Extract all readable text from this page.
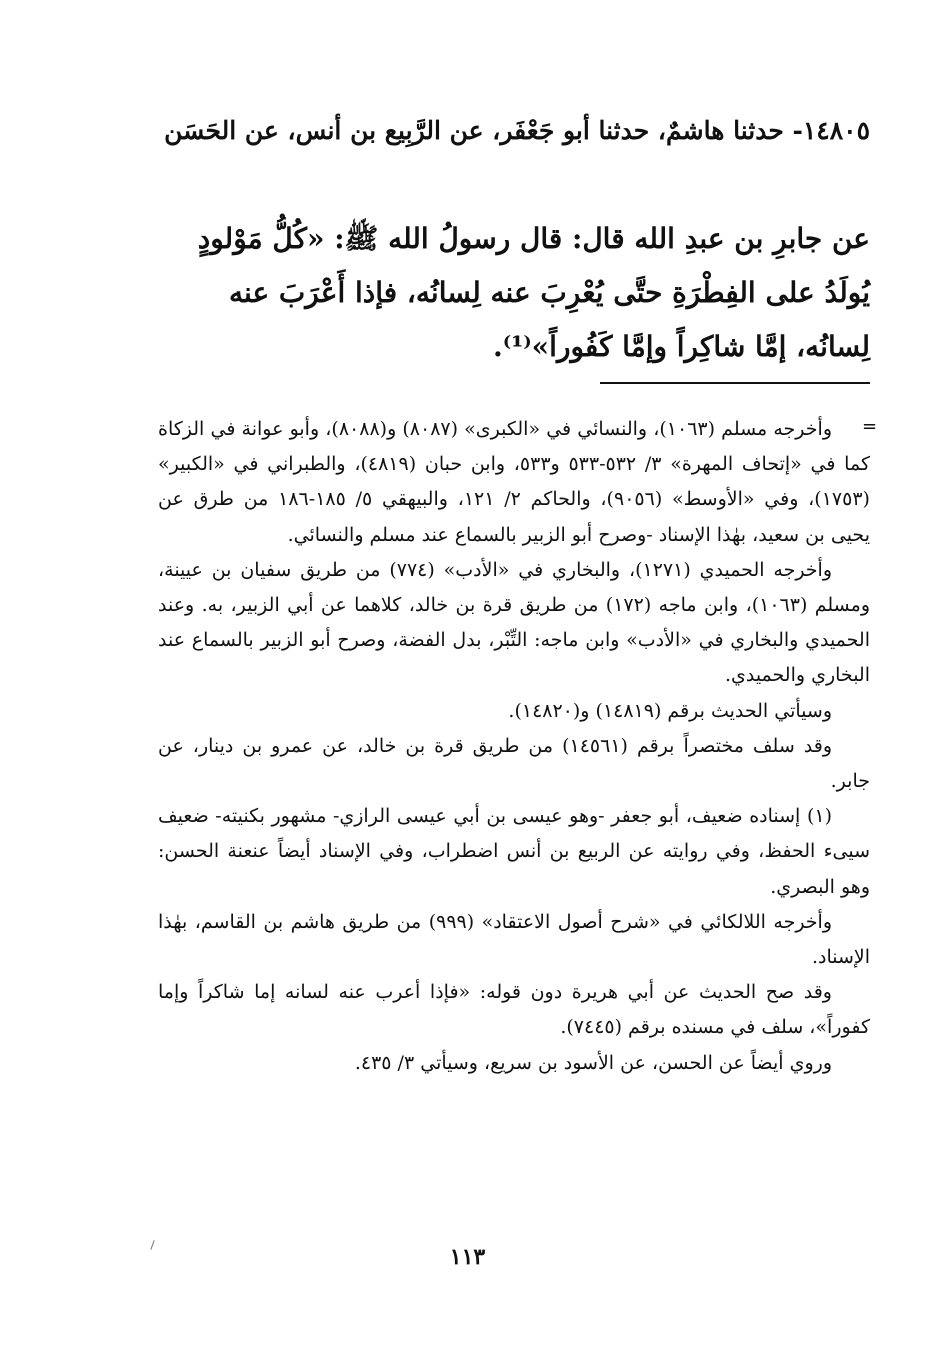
١٤٨٠٥- حدثنا هاشمٌ، حدثنا أبو جَعْفَر، عن الرَّبِيع بن أنس، عن الحَسَن
عن جابرِ بن عبدِ الله قال: قال رسولُ الله ﷺ: «كُلُّ مَوْلودٍ يُولَدُ على الفِطْرَةِ حتَّى يُعْرِبَ عنه لِسانُه، فإذا أَعْرَبَ عنه لِسانُه، إمَّا شاكِراً وإمَّا كَفُوراً»⁽¹⁾.
=

وأخرجه مسلم (١٠٦٣)، والنسائي في «الكبرى» (٨٠٨٧) و(٨٠٨٨)، وأبو عوانة في الزكاة كما في «إتحاف المهرة» ٣/ ٥٣٢-٥٣٣ و٥٣٣، وابن حبان (٤٨١٩)، والطبراني في «الكبير» (١٧٥٣)، وفي «الأوسط» (٩٠٥٦)، والحاكم ٢/ ١٢١، والبيهقي ٥/ ١٨٥-١٨٦ من طرق عن يحيى بن سعيد، بهٰذا الإسناد -وصرح أبو الزبير بالسماع عند مسلم والنسائي.

وأخرجه الحميدي (١٢٧١)، والبخاري في «الأدب» (٧٧٤) من طريق سفيان بن عيينة، ومسلم (١٠٦٣)، وابن ماجه (١٧٢) من طريق قرة بن خالد، كلاهما عن أبي الزبير، به. وعند الحميدي والبخاري في «الأدب» وابن ماجه: التِّبْر، بدل الفضة، وصرح أبو الزبير بالسماع عند البخاري والحميدي.

وسيأتي الحديث برقم (١٤٨١٩) و(١٤٨٢٠).

وقد سلف مختصراً برقم (١٤٥٦١) من طريق قرة بن خالد، عن عمرو بن دينار، عن جابر.

(١) إسناده ضعيف، أبو جعفر -وهو عيسى بن أبي عيسى الرازي- مشهور بكنيته- ضعيف سيىء الحفظ، وفي روايته عن الربيع بن أنس اضطراب، وفي الإسناد أيضاً عنعنة الحسن: وهو البصري.

وأخرجه اللالكائي في «شرح أصول الاعتقاد» (٩٩٩) من طريق هاشم بن القاسم، بهٰذا الإسناد.

وقد صح الحديث عن أبي هريرة دون قوله: «فإذا أعرب عنه لسانه إما شاكراً وإما كفوراً»، سلف في مسنده برقم (٧٤٤٥).

وروي أيضاً عن الحسن، عن الأسود بن سريع، وسيأتي ٣/ ٤٣٥.

١١٣
